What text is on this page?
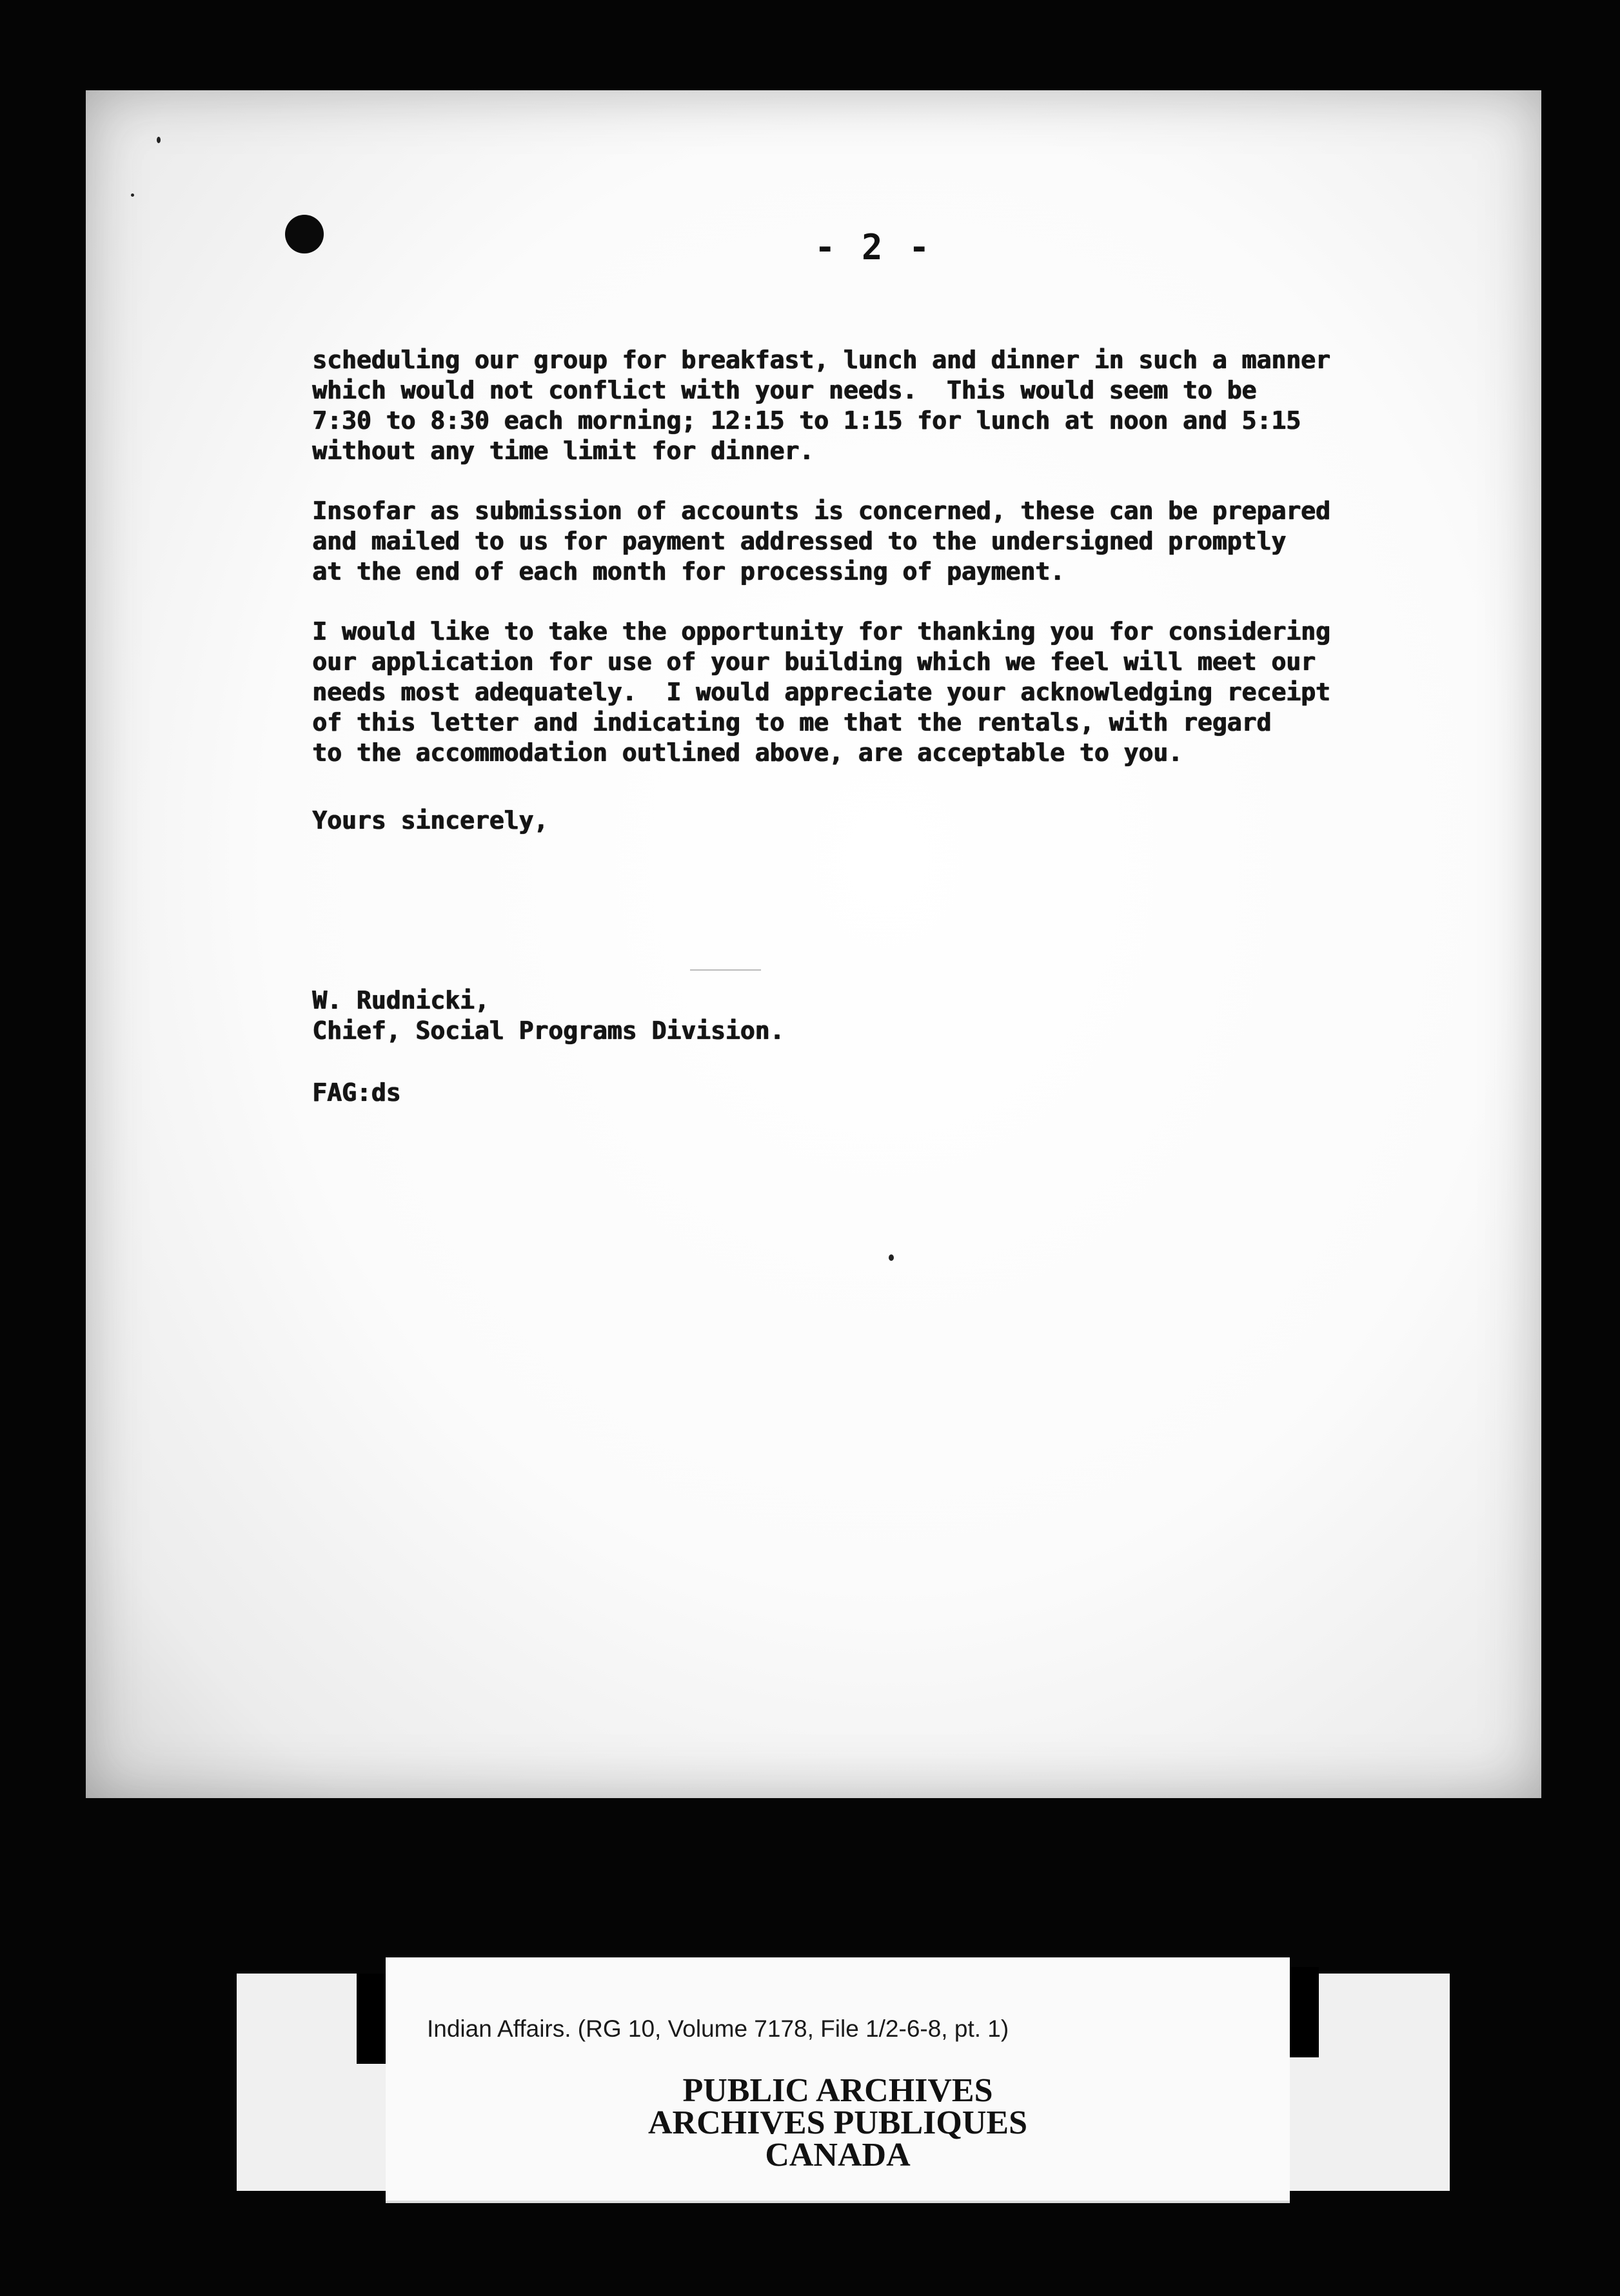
- 2 -

scheduling our group for breakfast, lunch and dinner in such a manner
which would not conflict with your needs.  This would seem to be
7:30 to 8:30 each morning; 12:15 to 1:15 for lunch at noon and 5:15
without any time limit for dinner.

Insofar as submission of accounts is concerned, these can be prepared
and mailed to us for payment addressed to the undersigned promptly
at the end of each month for processing of payment.

I would like to take the opportunity for thanking you for considering
our application for use of your building which we feel will meet our
needs most adequately.  I would appreciate your acknowledging receipt
of this letter and indicating to me that the rentals, with regard
to the accommodation outlined above, are acceptable to you.

Yours sincerely,
W. Rudnicki,
Chief, Social Programs Division.
FAG:ds
Indian Affairs. (RG 10, Volume 7178, File 1/2-6-8, pt. 1)
PUBLIC ARCHIVES
ARCHIVES PUBLIQUES
CANADA
